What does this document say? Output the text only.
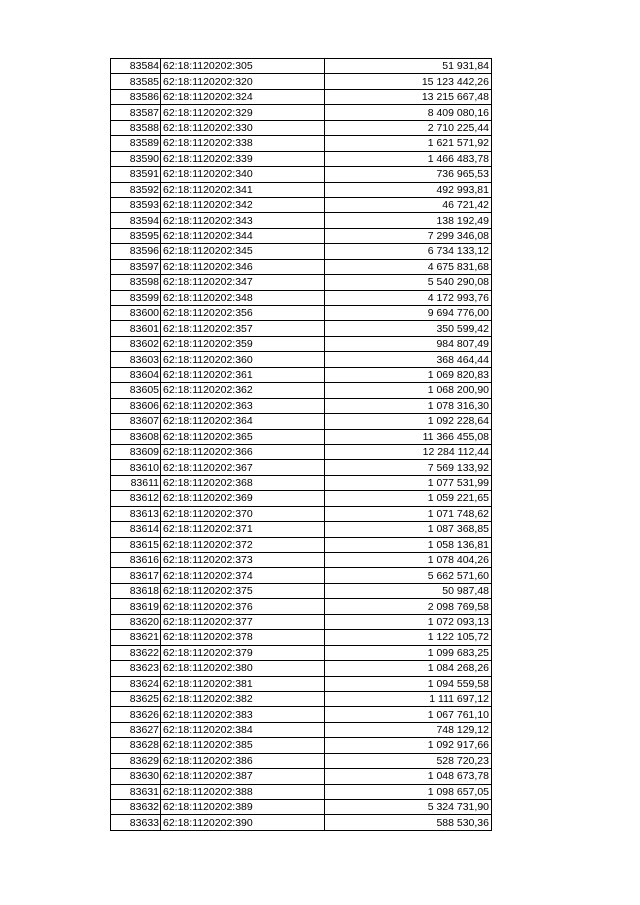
83584	62:18:1120202:305	51 931,84
83585	62:18:1120202:320	15 123 442,26
83586	62:18:1120202:324	13 215 667,48
83587	62:18:1120202:329	8 409 080,16
83588	62:18:1120202:330	2 710 225,44
83589	62:18:1120202:338	1 621 571,92
83590	62:18:1120202:339	1 466 483,78
83591	62:18:1120202:340	736 965,53
83592	62:18:1120202:341	492 993,81
83593	62:18:1120202:342	46 721,42
83594	62:18:1120202:343	138 192,49
83595	62:18:1120202:344	7 299 346,08
83596	62:18:1120202:345	6 734 133,12
83597	62:18:1120202:346	4 675 831,68
83598	62:18:1120202:347	5 540 290,08
83599	62:18:1120202:348	4 172 993,76
83600	62:18:1120202:356	9 694 776,00
83601	62:18:1120202:357	350 599,42
83602	62:18:1120202:359	984 807,49
83603	62:18:1120202:360	368 464,44
83604	62:18:1120202:361	1 069 820,83
83605	62:18:1120202:362	1 068 200,90
83606	62:18:1120202:363	1 078 316,30
83607	62:18:1120202:364	1 092 228,64
83608	62:18:1120202:365	11 366 455,08
83609	62:18:1120202:366	12 284 112,44
83610	62:18:1120202:367	7 569 133,92
83611	62:18:1120202:368	1 077 531,99
83612	62:18:1120202:369	1 059 221,65
83613	62:18:1120202:370	1 071 748,62
83614	62:18:1120202:371	1 087 368,85
83615	62:18:1120202:372	1 058 136,81
83616	62:18:1120202:373	1 078 404,26
83617	62:18:1120202:374	5 662 571,60
83618	62:18:1120202:375	50 987,48
83619	62:18:1120202:376	2 098 769,58
83620	62:18:1120202:377	1 072 093,13
83621	62:18:1120202:378	1 122 105,72
83622	62:18:1120202:379	1 099 683,25
83623	62:18:1120202:380	1 084 268,26
83624	62:18:1120202:381	1 094 559,58
83625	62:18:1120202:382	1 111 697,12
83626	62:18:1120202:383	1 067 761,10
83627	62:18:1120202:384	748 129,12
83628	62:18:1120202:385	1 092 917,66
83629	62:18:1120202:386	528 720,23
83630	62:18:1120202:387	1 048 673,78
83631	62:18:1120202:388	1 098 657,05
83632	62:18:1120202:389	5 324 731,90
83633	62:18:1120202:390	588 530,36
